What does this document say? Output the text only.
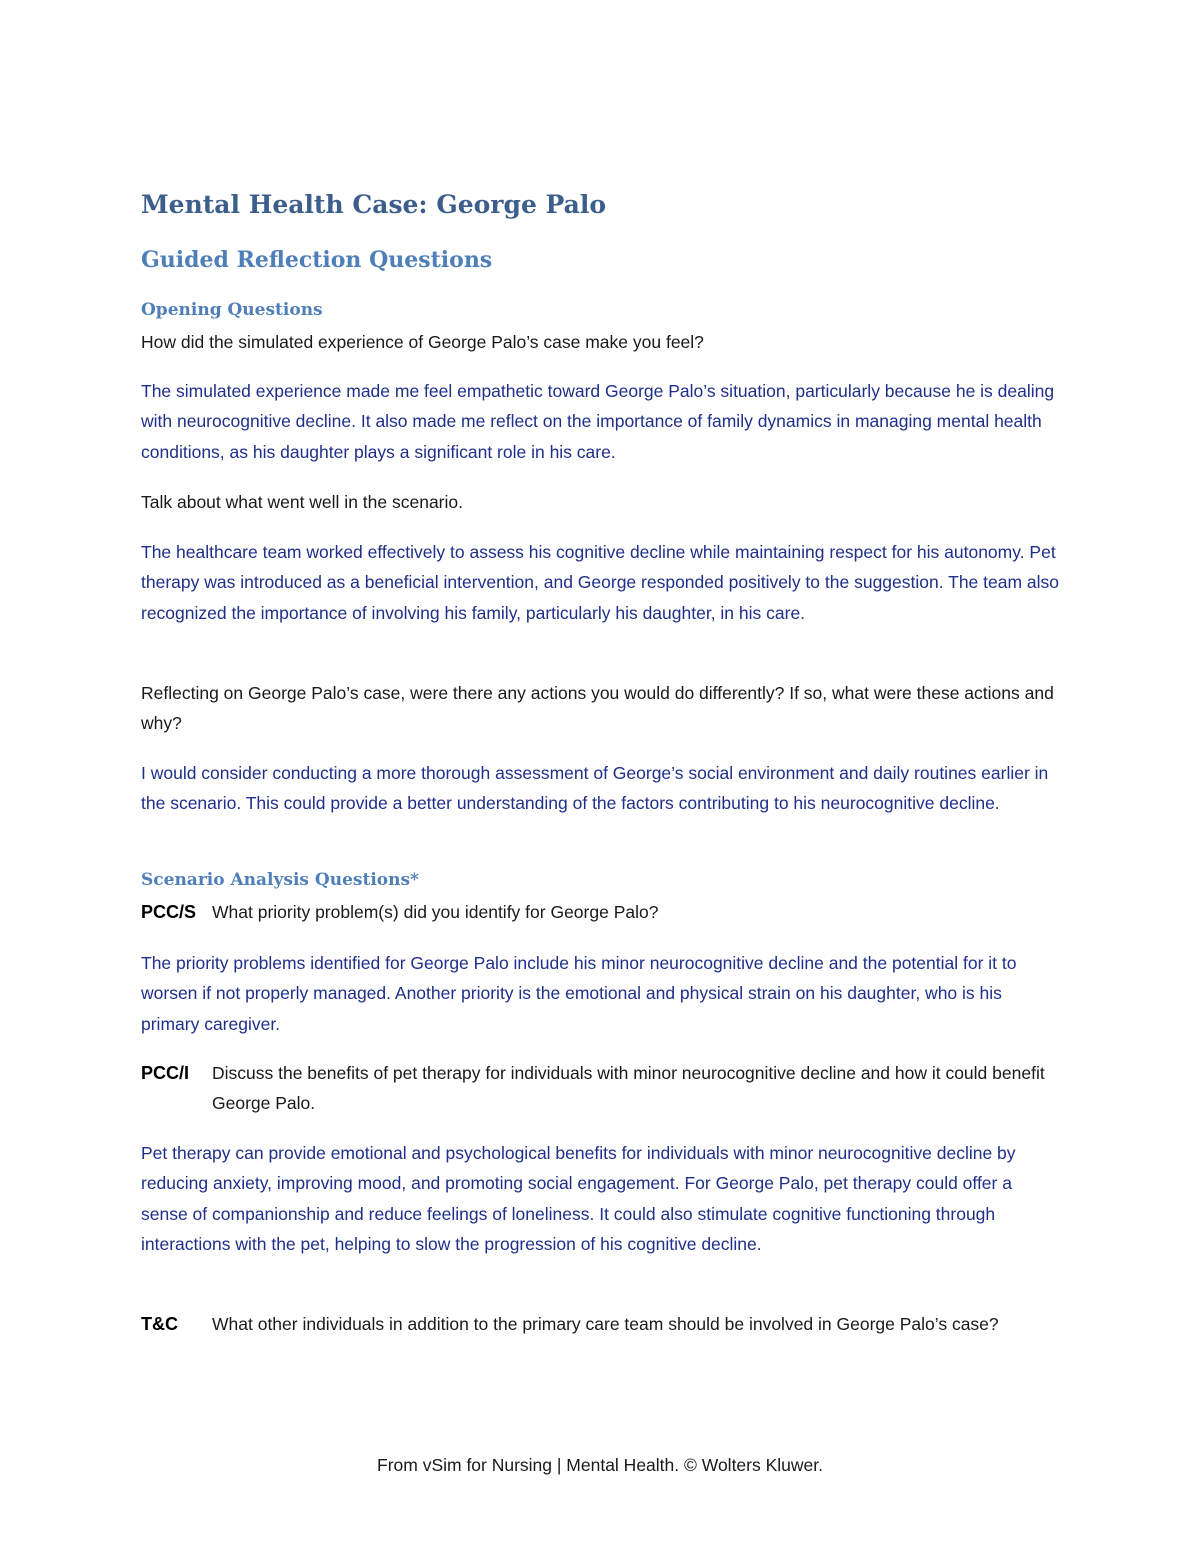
Mental Health Case: George Palo
Guided Reflection Questions
Opening Questions

How did the simulated experience of George Palo’s case make you feel?

The simulated experience made me feel empathetic toward George Palo’s situation, particularly because he is dealing with neurocognitive decline. It also made me reflect on the importance of family dynamics in managing mental health conditions, as his daughter plays a significant role in his care.

Talk about what went well in the scenario.

The healthcare team worked effectively to assess his cognitive decline while maintaining respect for his autonomy. Pet therapy was introduced as a beneficial intervention, and George responded positively to the suggestion. The team also recognized the importance of involving his family, particularly his daughter, in his care.

Reflecting on George Palo’s case, were there any actions you would do differently? If so, what were these actions and why?

I would consider conducting a more thorough assessment of George’s social environment and daily routines earlier in the scenario. This could provide a better understanding of the factors contributing to his neurocognitive decline.

Scenario Analysis Questions*
PCC/S What priority problem(s) did you identify for George Palo?

The priority problems identified for George Palo include his minor neurocognitive decline and the potential for it to worsen if not properly managed. Another priority is the emotional and physical strain on his daughter, who is his primary caregiver.

PCC/I Discuss the benefits of pet therapy for individuals with minor neurocognitive decline and how it could benefit George Palo.

Pet therapy can provide emotional and psychological benefits for individuals with minor neurocognitive decline by reducing anxiety, improving mood, and promoting social engagement. For George Palo, pet therapy could offer a sense of companionship and reduce feelings of loneliness. It could also stimulate cognitive functioning through interactions with the pet, helping to slow the progression of his cognitive decline.

T&C What other individuals in addition to the primary care team should be involved in George Palo’s case?

From vSim for Nursing | Mental Health. © Wolters Kluwer.
